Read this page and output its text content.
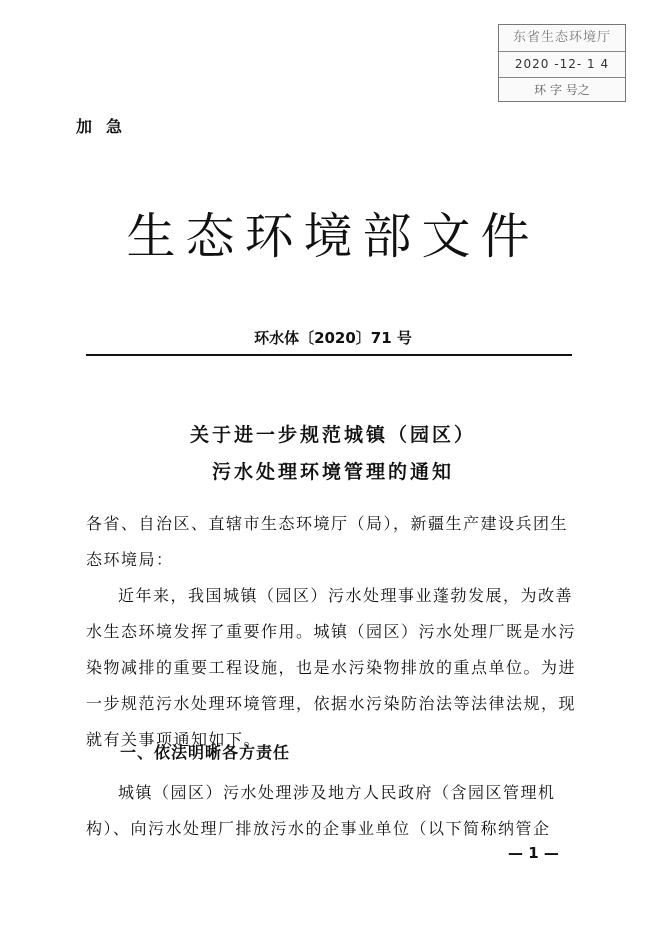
东省生态环境厅
2020 -12- 1 4
环 字 号之
加急
生态环境部文件
环水体〔2020〕71 号
关于进一步规范城镇（园区）
污水处理环境管理的通知

各省、自治区、直辖市生态环境厅（局），新疆生产建设兵团生态环境局：

近年来，我国城镇（园区）污水处理事业蓬勃发展，为改善水生态环境发挥了重要作用。城镇（园区）污水处理厂既是水污染物减排的重要工程设施，也是水污染物排放的重点单位。为进一步规范污水处理环境管理，依据水污染防治法等法律法规，现就有关事项通知如下。

一、依法明晰各方责任

城镇（园区）污水处理涉及地方人民政府（含园区管理机构）、向污水处理厂排放污水的企事业单位（以下简称纳管企

— 1 —
